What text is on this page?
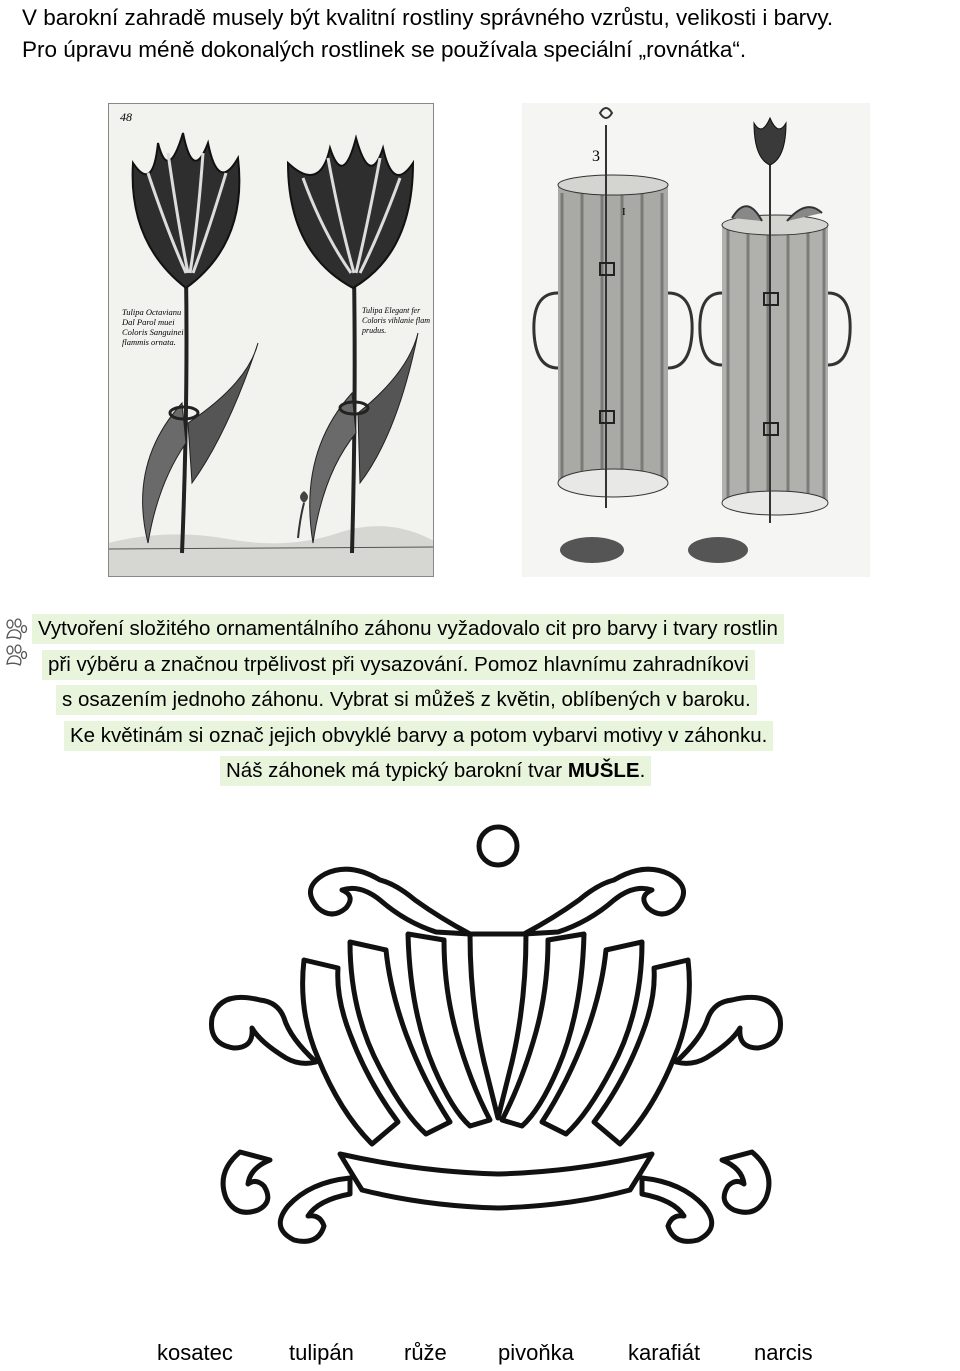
V barokní zahradě musely být kvalitní rostliny správného vzrůstu, velikosti i barvy.
Pro úpravu méně dokonalých rostlinek se používala speciální „rovnátka“.
48
Tulipa Octavianu
Dal Parol muei
Coloris Sanguinei
flammis ornata.
Tulipa Elegant fer
Coloris vihlanie flam
prudus.
3
I
Vytvoření složitého ornamentálního záhonu vyžadovalo cit pro barvy i tvary rostlin
při výběru a značnou trpělivost při vysazování. Pomoz hlavnímu zahradníkovi
s osazením jednoho záhonu. Vybrat si můžeš z květin, oblíbených v baroku.
Ke květinám si označ jejich obvyklé barvy a potom vybarvi motivy v záhonku.
Náš záhonek má typický barokní tvar MUŠLE.
kosatec	tulipán růže pivoňka karafiát narcis
